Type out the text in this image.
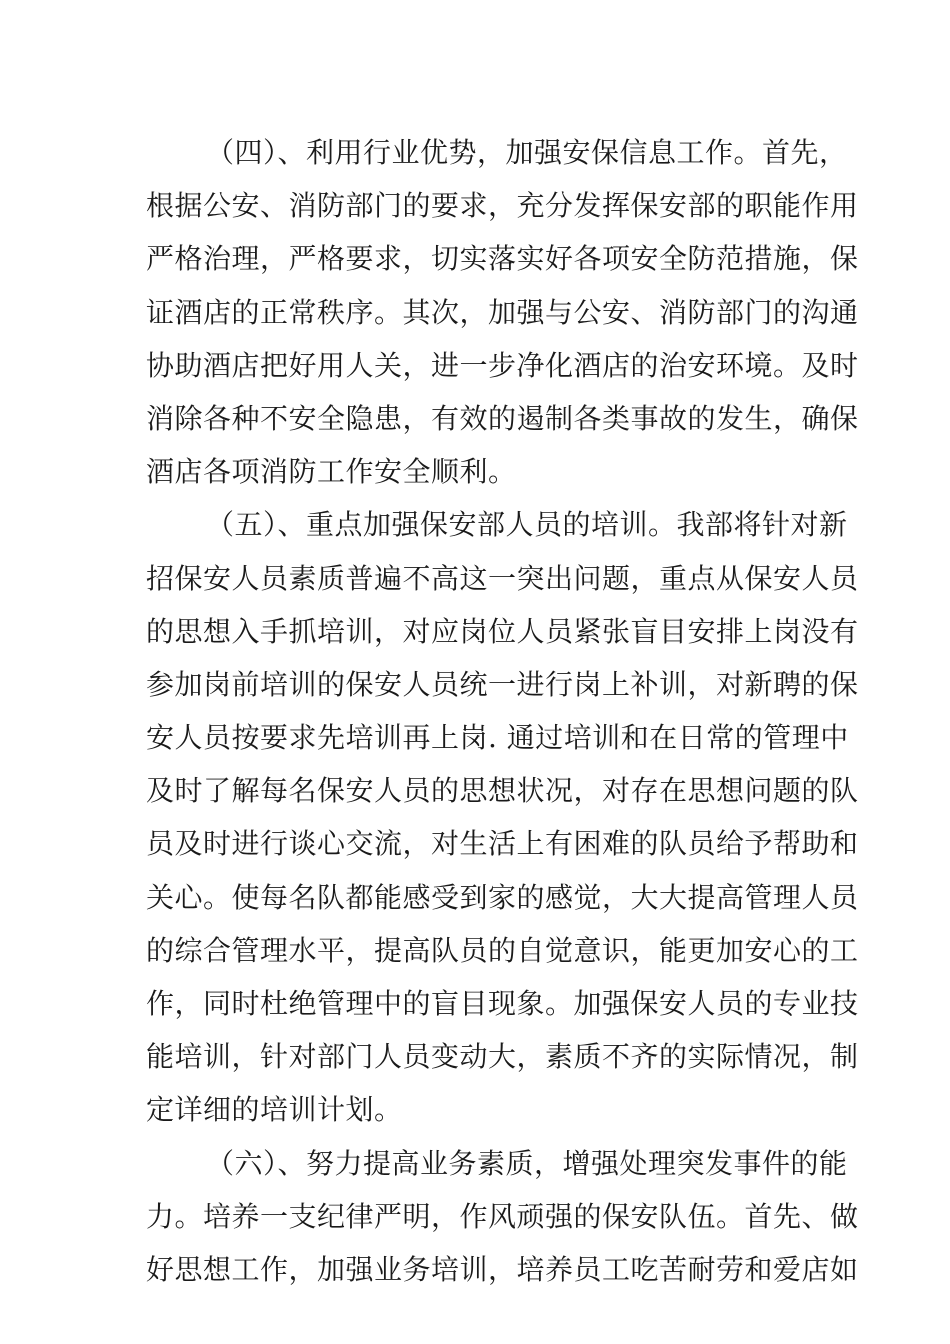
（四）、利用行业优势，加强安保信息工作。首先，
根据公安、消防部门的要求，充分发挥保安部的职能作用
严格治理，严格要求，切实落实好各项安全防范措施，保
证酒店的正常秩序。其次，加强与公安、消防部门的沟通
协助酒店把好用人关，进一步净化酒店的治安环境。及时
消除各种不安全隐患，有效的遏制各类事故的发生，确保
酒店各项消防工作安全顺利。
（五）、重点加强保安部人员的培训。我部将针对新
招保安人员素质普遍不高这一突出问题，重点从保安人员
的思想入手抓培训，对应岗位人员紧张盲目安排上岗没有
参加岗前培训的保安人员统一进行岗上补训，对新聘的保
安人员按要求先培训再上岗. 通过培训和在日常的管理中
及时了解每名保安人员的思想状况，对存在思想问题的队
员及时进行谈心交流，对生活上有困难的队员给予帮助和
关心。使每名队都能感受到家的感觉，大大提高管理人员
的综合管理水平，提高队员的自觉意识，能更加安心的工
作，同时杜绝管理中的盲目现象。加强保安人员的专业技
能培训，针对部门人员变动大，素质不齐的实际情况，制
定详细的培训计划。
（六）、努力提高业务素质，增强处理突发事件的能
力。培养一支纪律严明，作风顽强的保安队伍。首先、做
好思想工作，加强业务培训，培养员工吃苦耐劳和爱店如
